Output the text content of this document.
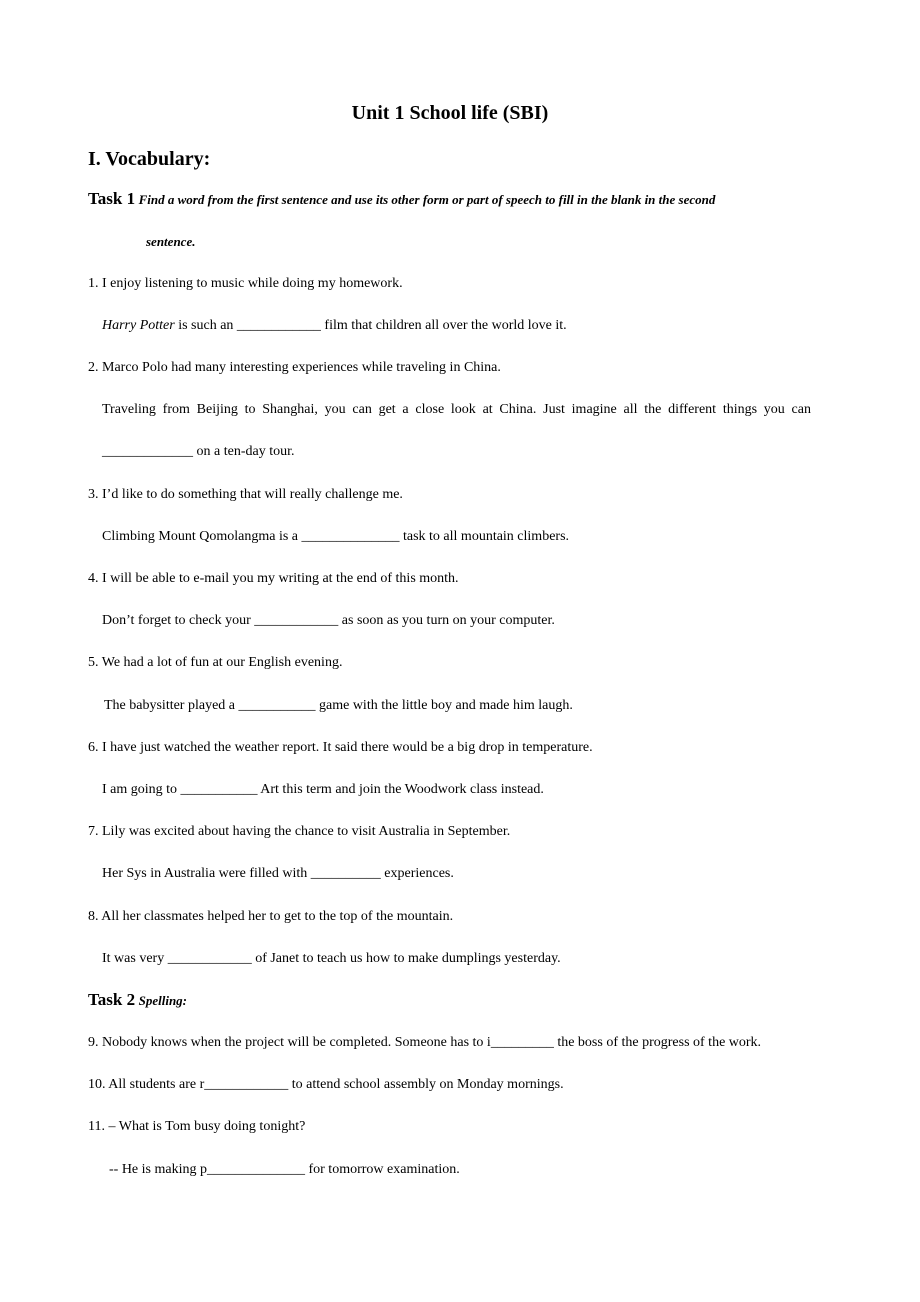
Unit 1 School life (SBI)
I. Vocabulary:
Task 1 Find a word from the first sentence and use its other form or part of speech to fill in the blank in the second
sentence.
1. I enjoy listening to music while doing my homework.
Harry Potter is such an ____________ film that children all over the world love it.
2. Marco Polo had many interesting experiences while traveling in China.
Traveling from Beijing to Shanghai, you can get a close look at China. Just imagine all the different things you can
_____________ on a ten-day tour.
3. I’d like to do something that will really challenge me.
Climbing Mount Qomolangma is a ______________ task to all mountain climbers.
4. I will be able to e-mail you my writing at the end of this month.
Don’t forget to check your ____________ as soon as you turn on your computer.
5. We had a lot of fun at our English evening.
The babysitter played a ___________ game with the little boy and made him laugh.
6. I have just watched the weather report. It said there would be a big drop in temperature.
I am going to ___________ Art this term and join the Woodwork class instead.
7. Lily was excited about having the chance to visit Australia in September.
Her Sys in Australia were filled with __________ experiences.
8. All her classmates helped her to get to the top of the mountain.
It was very ____________ of Janet to teach us how to make dumplings yesterday.
Task 2 Spelling:
9. Nobody knows when the project will be completed. Someone has to i_________ the boss of the progress of the work.
10. All students are r____________ to attend school assembly on Monday mornings.
11. – What is Tom busy doing tonight?
-- He is making p______________ for tomorrow examination.
